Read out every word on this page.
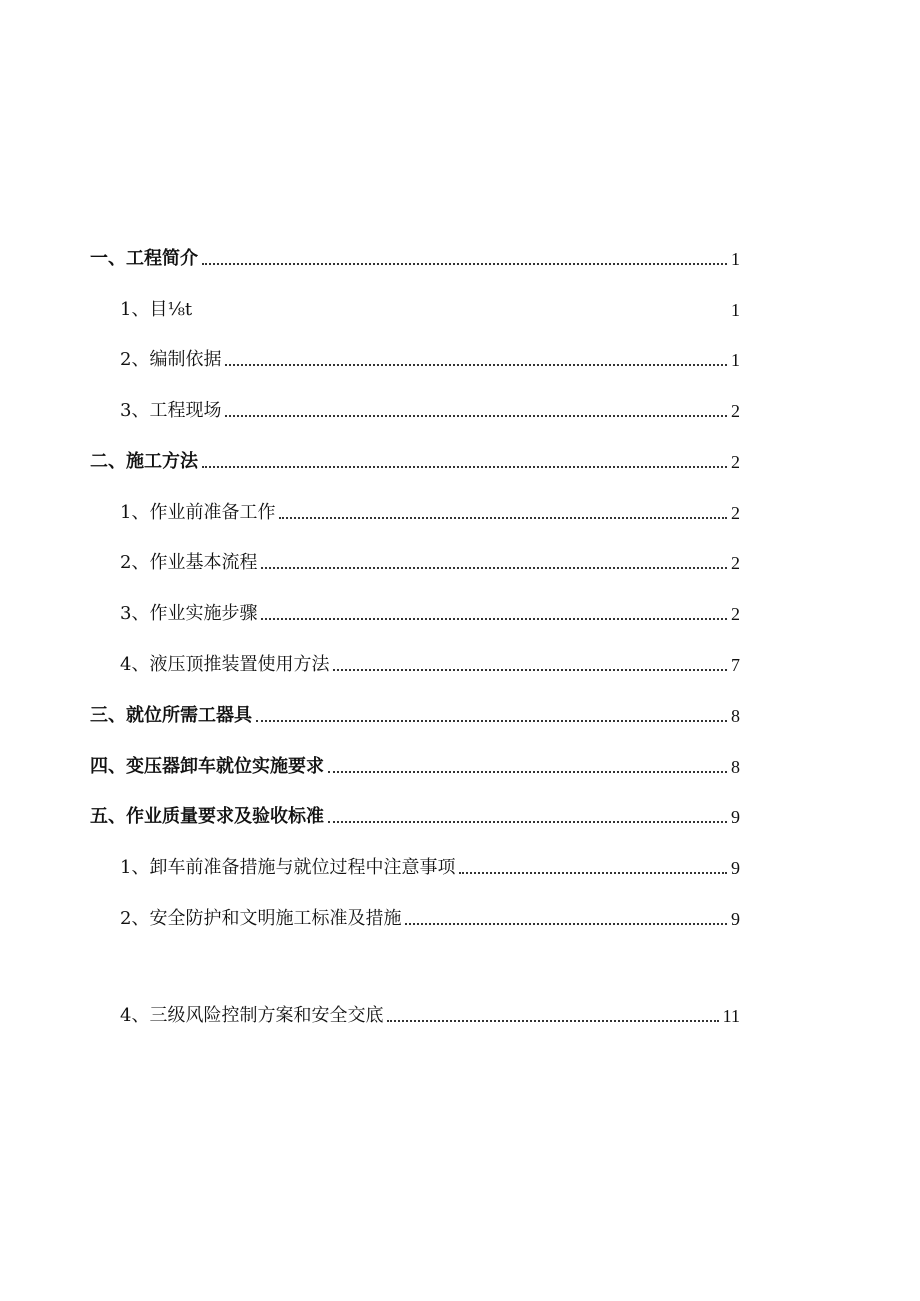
一、工程简介	1
1、目⅛t	1
2、编制依据	1
3、工程现场	2
二、施工方法	2
1、作业前准备工作	2
2、作业基本流程	2
3、作业实施步骤	2
4、液压顶推装置使用方法	7
三、就位所需工器具	8
四、变压器卸车就位实施要求	8
五、作业质量要求及验收标准	9
1、卸车前准备措施与就位过程中注意事项	9
2、安全防护和文明施工标准及措施	9
4、三级风险控制方案和安全交底	11
